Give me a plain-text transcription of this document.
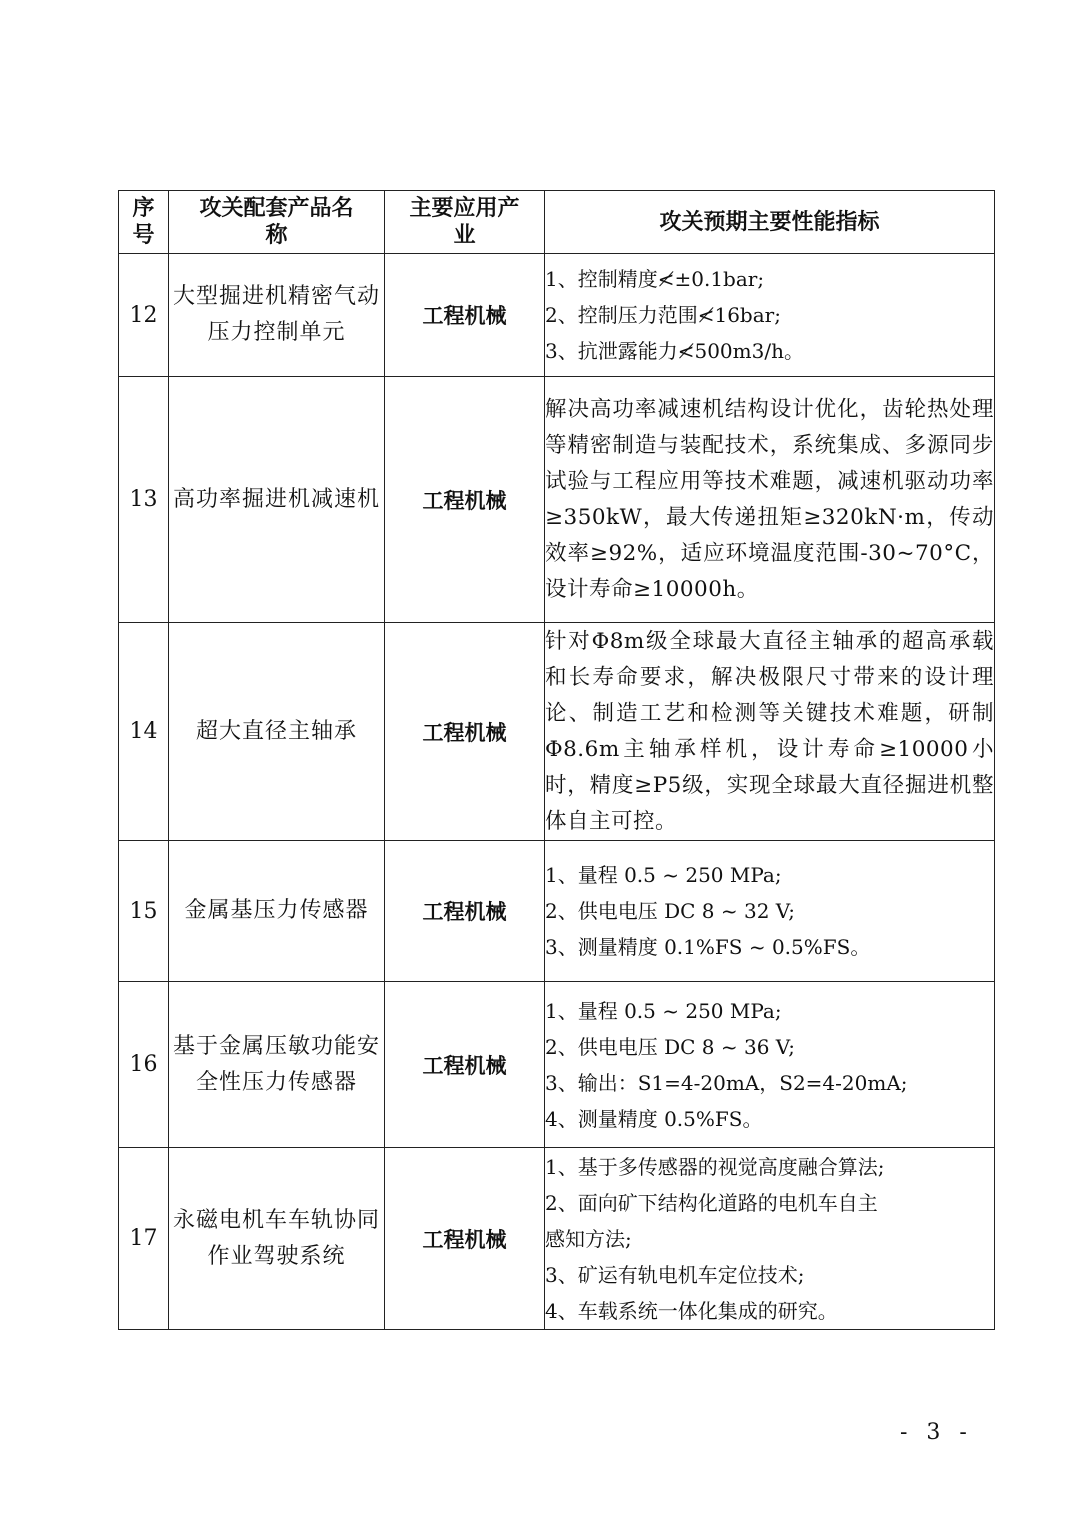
序号	攻关配套产品名称	主要应用产业	攻关预期主要性能指标
12	大型掘进机精密气动压力控制单元	工程机械	1、控制精度≮±0.1bar;
2、控制压力范围≮16bar;
3、抗泄露能力≮500m3/h。

13	高功率掘进机减速机	工程机械	解决高功率减速机结构设计优化，齿轮热处理等精密制造与装配技术，系统集成、多源同步试验与工程应用等技术难题，减速机驱动功率≥350kW，最大传递扭矩≥320kN·m，传动效率≥92%，适应环境温度范围-30~70°C，设计寿命≥10000h。

14	超大直径主轴承	工程机械	针对Φ8m级全球最大直径主轴承的超高承载和长寿命要求，解决极限尺寸带来的设计理论、制造工艺和检测等关键技术难题，研制Φ8.6m主轴承样机，设计寿命≥10000小时，精度≥P5级，实现全球最大直径掘进机整体自主可控。

15	金属基压力传感器	工程机械	1、量程 0.5 ~ 250 MPa;
2、供电电压 DC 8 ~ 32 V;
3、测量精度 0.1%FS ~ 0.5%FS。

16	基于金属压敏功能安全性压力传感器	工程机械	1、量程 0.5 ~ 250 MPa;
2、供电电压 DC 8 ~ 36 V;
3、输出：S1=4-20mA，S2=4-20mA;
4、测量精度 0.5%FS。

17	永磁电机车车轨协同作业驾驶系统	工程机械	1、基于多传感器的视觉高度融合算法;
2、面向矿下结构化道路的电机车自主
感知方法;
3、矿运有轨电机车定位技术;
4、车载系统一体化集成的研究。
- 3 -
